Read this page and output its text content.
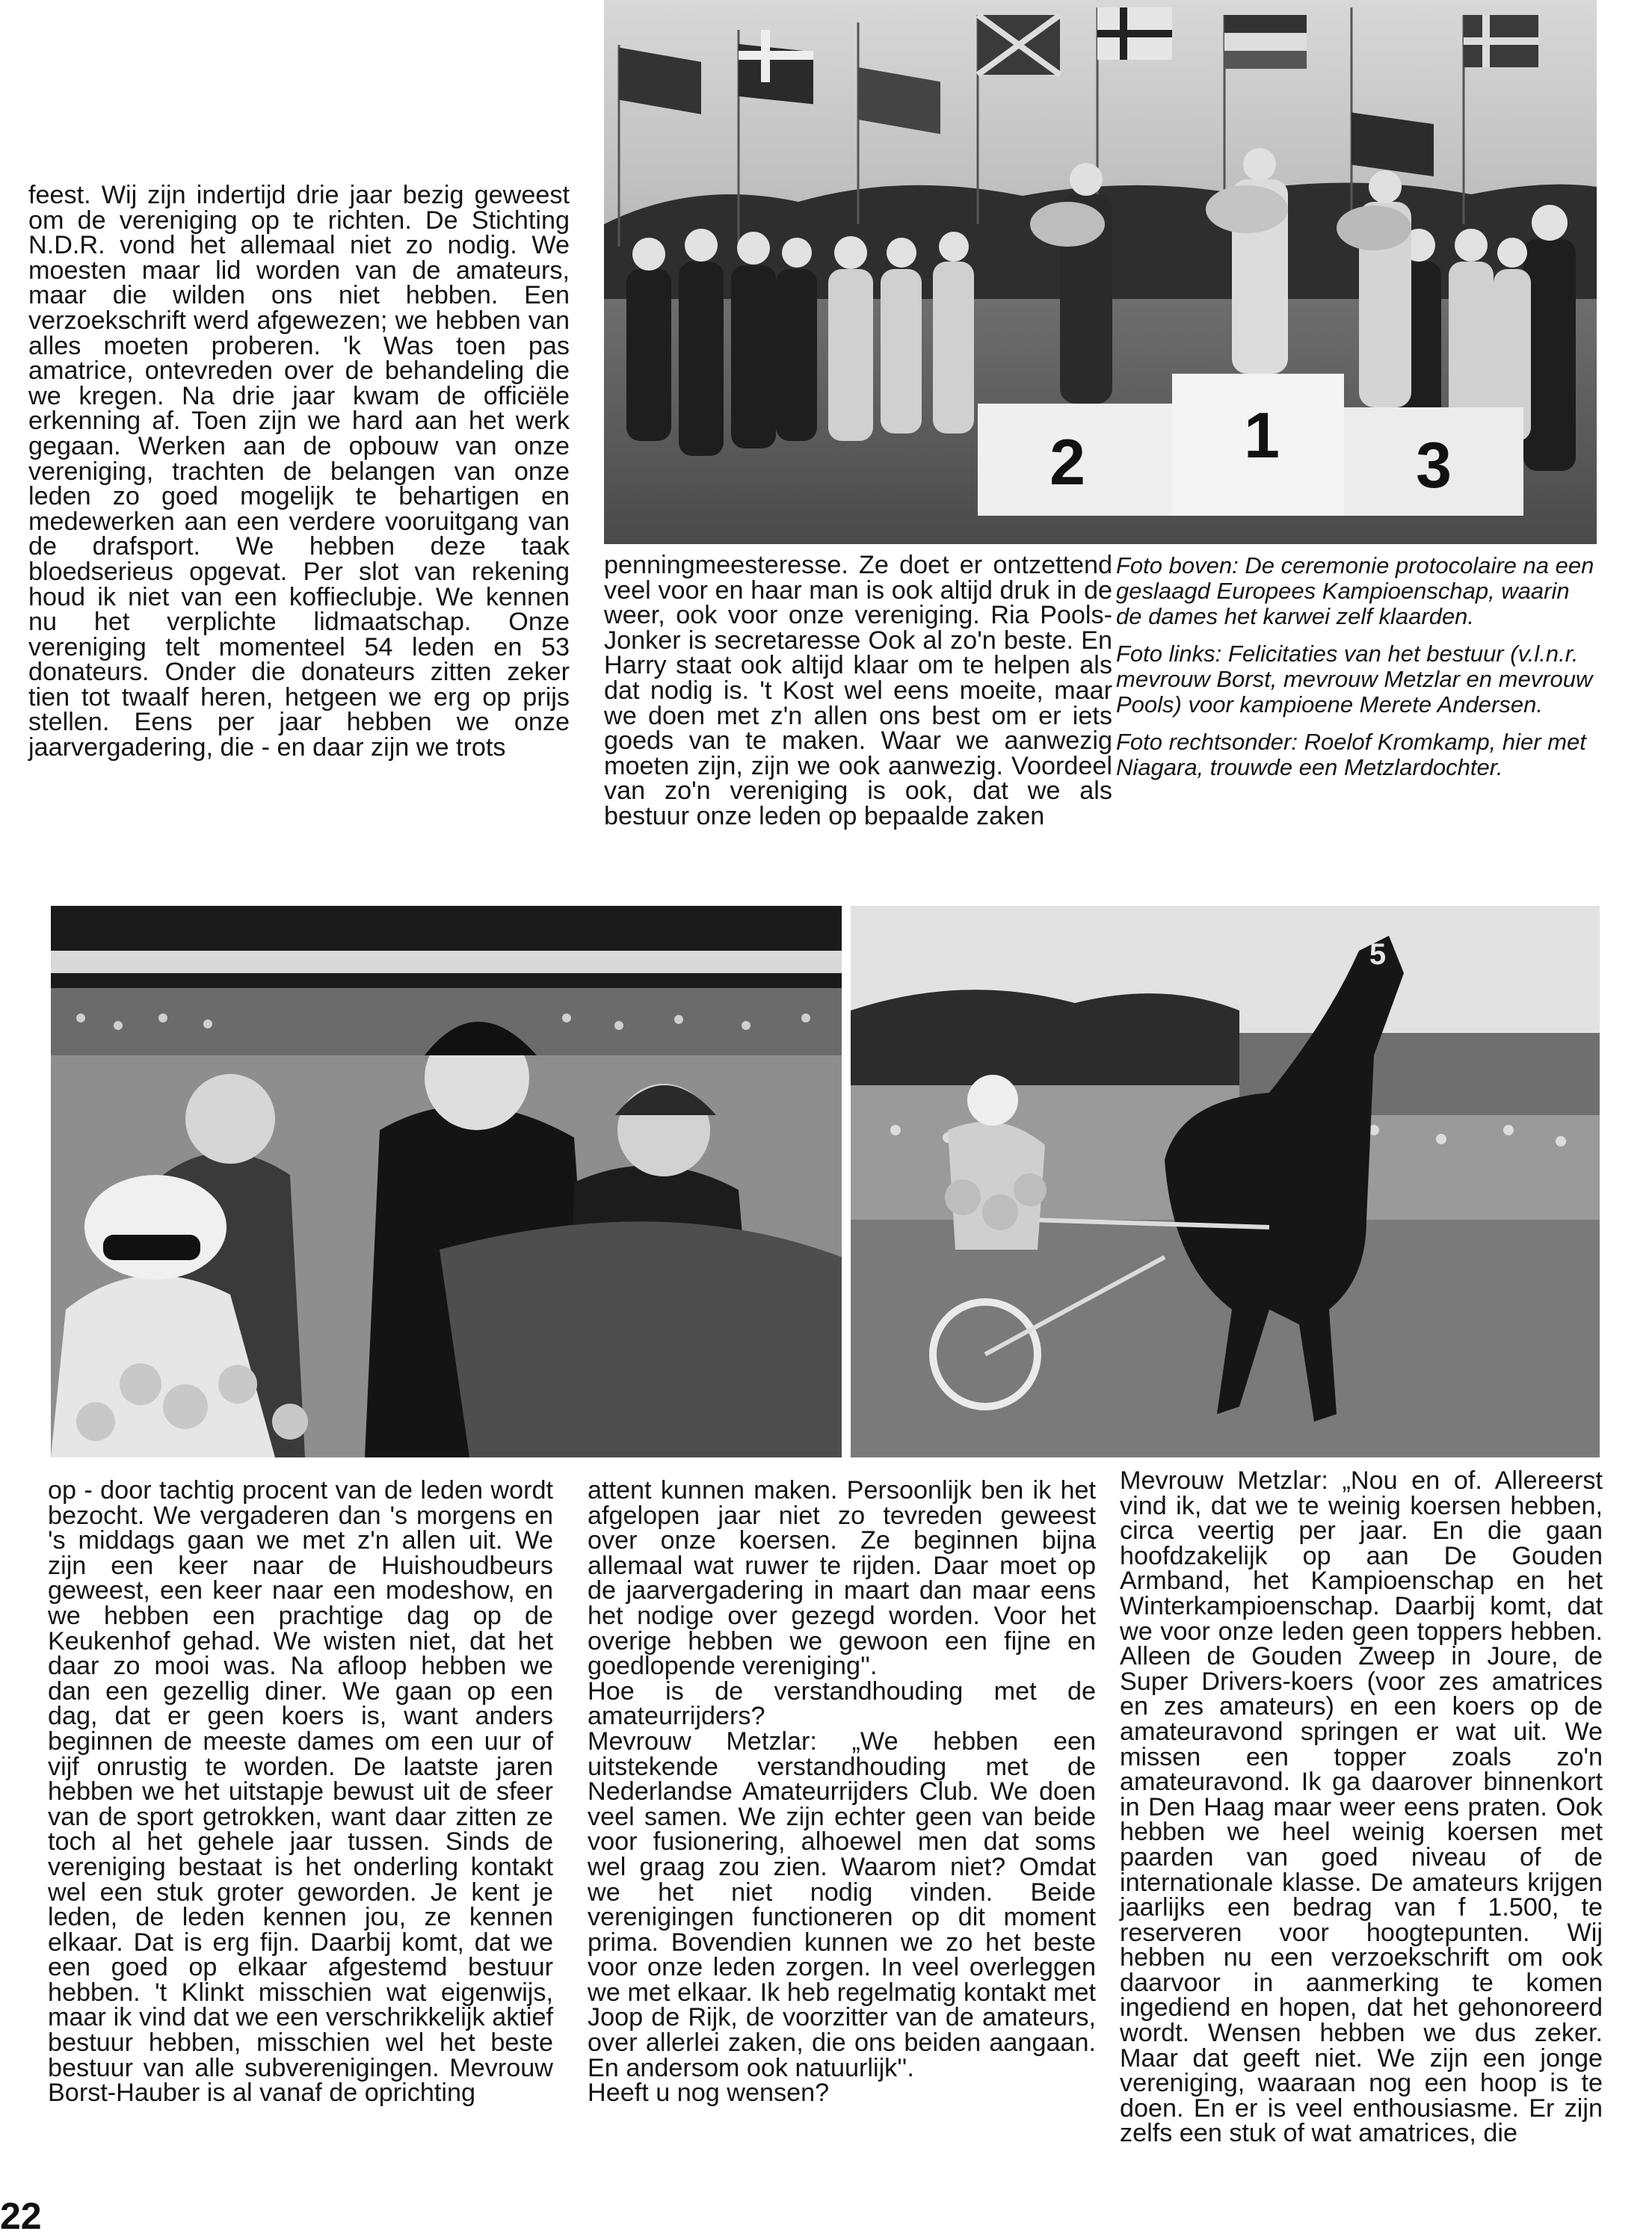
2 1 3

feest. Wij zijn indertijd drie jaar bezig geweest om de vereniging op te richten. De Stichting N.D.R. vond het allemaal niet zo nodig. We moesten maar lid worden van de amateurs, maar die wilden ons niet hebben. Een verzoekschrift werd afgewezen; we hebben van alles moeten proberen. 'k Was toen pas amatrice, ontevreden over de behandeling die we kregen. Na drie jaar kwam de officiële erkenning af. Toen zijn we hard aan het werk gegaan. Werken aan de opbouw van onze vereniging, trachten de belangen van onze leden zo goed mogelijk te behartigen en medewerken aan een verdere vooruitgang van de drafsport. We hebben deze taak bloedserieus opgevat. Per slot van rekening houd ik niet van een koffieclubje. We kennen nu het verplichte lidmaatschap. Onze vereniging telt momenteel 54 leden en 53 donateurs. Onder die donateurs zitten zeker tien tot twaalf heren, hetgeen we erg op prijs stellen. Eens per jaar hebben we onze jaarvergadering, die - en daar zijn we trots

penningmeesteresse. Ze doet er ontzettend veel voor en haar man is ook altijd druk in de weer, ook voor onze vereniging. Ria Pools-Jonker is secretaresse Ook al zo'n beste. En Harry staat ook altijd klaar om te helpen als dat nodig is. 't Kost wel eens moeite, maar we doen met z'n allen ons best om er iets goeds van te maken. Waar we aanwezig moeten zijn, zijn we ook aanwezig. Voordeel van zo'n vereniging is ook, dat we als bestuur onze leden op bepaalde zaken

Foto boven: De ceremonie protocolaire na een geslaagd Europees Kampioenschap, waarin de dames het karwei zelf klaarden.

Foto links: Felicitaties van het bestuur (v.l.n.r. mevrouw Borst, mevrouw Metzlar en mevrouw Pools) voor kampioene Merete Andersen.

Foto rechtsonder: Roelof Kromkamp, hier met Niagara, trouwde een Metzlardochter.

5

op - door tachtig procent van de leden wordt bezocht. We vergaderen dan 's morgens en 's middags gaan we met z'n allen uit. We zijn een keer naar de Huishoudbeurs geweest, een keer naar een modeshow, en we hebben een prachtige dag op de Keukenhof gehad. We wisten niet, dat het daar zo mooi was. Na afloop hebben we dan een gezellig diner. We gaan op een dag, dat er geen koers is, want anders beginnen de meeste dames om een uur of vijf onrustig te worden. De laatste jaren hebben we het uitstapje bewust uit de sfeer van de sport getrokken, want daar zitten ze toch al het gehele jaar tussen. Sinds de vereniging bestaat is het onderling kontakt wel een stuk groter geworden. Je kent je leden, de leden kennen jou, ze kennen elkaar. Dat is erg fijn. Daarbij komt, dat we een goed op elkaar afgestemd bestuur hebben. 't Klinkt misschien wat eigenwijs, maar ik vind dat we een verschrikkelijk aktief bestuur hebben, misschien wel het beste bestuur van alle subverenigingen. Mevrouw Borst-Hauber is al vanaf de oprichting

attent kunnen maken. Persoonlijk ben ik het afgelopen jaar niet zo tevreden geweest over onze koersen. Ze beginnen bijna allemaal wat ruwer te rijden. Daar moet op de jaarvergadering in maart dan maar eens het nodige over gezegd worden. Voor het overige hebben we gewoon een fijne en goedlopende vereniging''.

Hoe is de verstandhouding met de amateurrijders?

Mevrouw Metzlar: „We hebben een uitstekende verstandhouding met de Nederlandse Amateurrijders Club. We doen veel samen. We zijn echter geen van beide voor fusionering, alhoewel men dat soms wel graag zou zien. Waarom niet? Omdat we het niet nodig vinden. Beide verenigingen functioneren op dit moment prima. Bovendien kunnen we zo het beste voor onze leden zorgen. In veel overleggen we met elkaar. Ik heb regelmatig kontakt met Joop de Rijk, de voorzitter van de amateurs, over allerlei zaken, die ons beiden aangaan. En andersom ook natuurlijk''.

Heeft u nog wensen?

Mevrouw Metzlar: „Nou en of. Allereerst vind ik, dat we te weinig koersen hebben, circa veertig per jaar. En die gaan hoofdzakelijk op aan De Gouden Armband, het Kampioenschap en het Winterkampioenschap. Daarbij komt, dat we voor onze leden geen toppers hebben. Alleen de Gouden Zweep in Joure, de Super Drivers-koers (voor zes amatrices en zes amateurs) en een koers op de amateuravond springen er wat uit. We missen een topper zoals zo'n amateuravond. Ik ga daarover binnenkort in Den Haag maar weer eens praten. Ook hebben we heel weinig koersen met paarden van goed niveau of de internationale klasse. De amateurs krijgen jaarlijks een bedrag van f 1.500, te reserveren voor hoogtepunten. Wij hebben nu een verzoekschrift om ook daarvoor in aanmerking te komen ingediend en hopen, dat het gehonoreerd wordt. Wensen hebben we dus zeker. Maar dat geeft niet. We zijn een jonge vereniging, waaraan nog een hoop is te doen. En er is veel enthousiasme. Er zijn zelfs een stuk of wat amatrices, die

22
